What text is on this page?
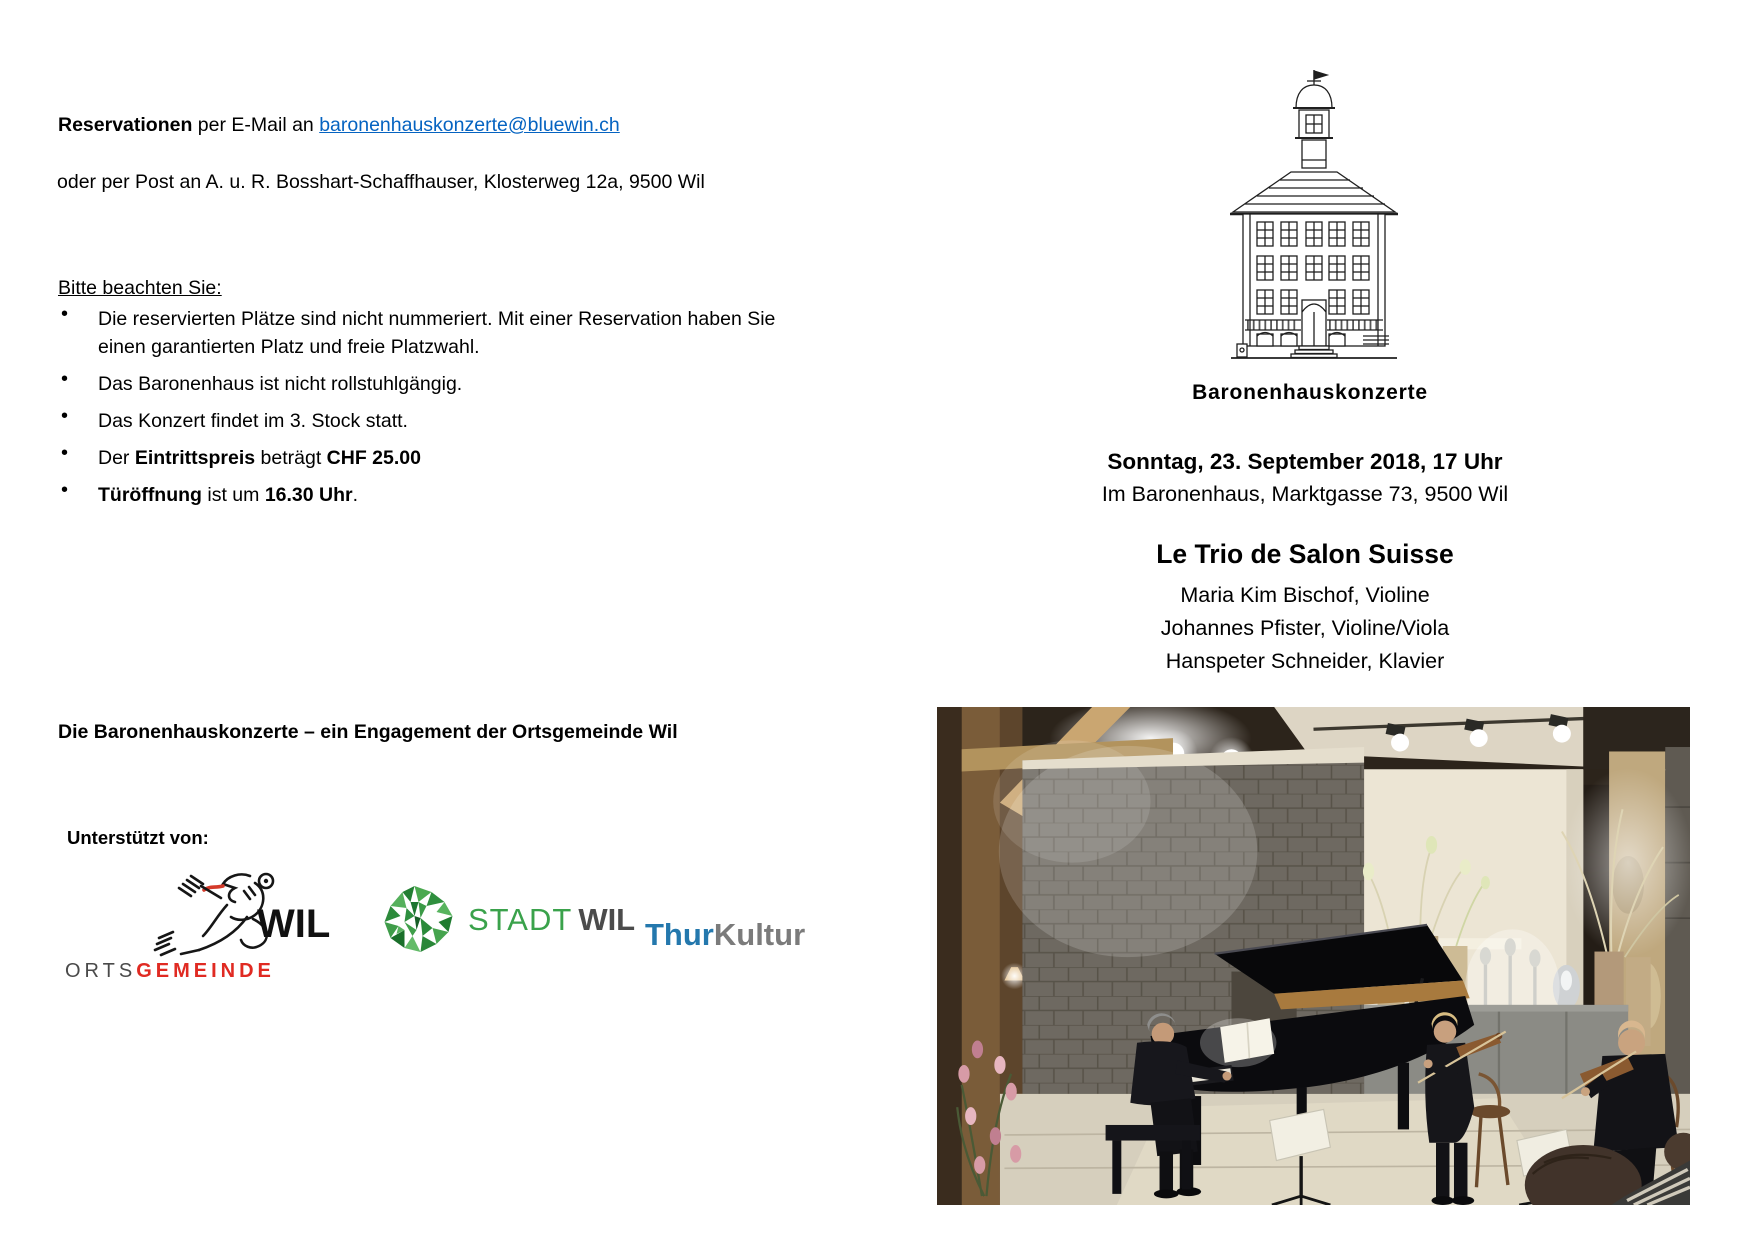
Reservationen per E-Mail an baronenhauskonzerte@bluewin.ch
oder per Post an A. u. R. Bosshart-Schaffhauser, Klosterweg 12a, 9500 Wil
Bitte beachten Sie:
• Die reservierten Plätze sind nicht nummeriert. Mit einer Reservation haben Sie einen garantierten Platz und freie Platzwahl.
• Das Baronenhaus ist nicht rollstuhlgängig.
• Das Konzert findet im 3. Stock statt.
• Der Eintrittspreis beträgt CHF 25.00
• Türöffnung ist um 16.30 Uhr.
Die Baronenhauskonzerte – ein Engagement der Ortsgemeinde Wil
Unterstützt von:
WIL
ORTSGEMEINDE
STADT WIL ThurKultur
Baronenhauskonzerte
Sonntag, 23. September 2018, 17 Uhr
Im Baronenhaus, Marktgasse 73, 9500 Wil
Le Trio de Salon Suisse
Maria Kim Bischof, Violine
Johannes Pfister, Violine/Viola
Hanspeter Schneider, Klavier
